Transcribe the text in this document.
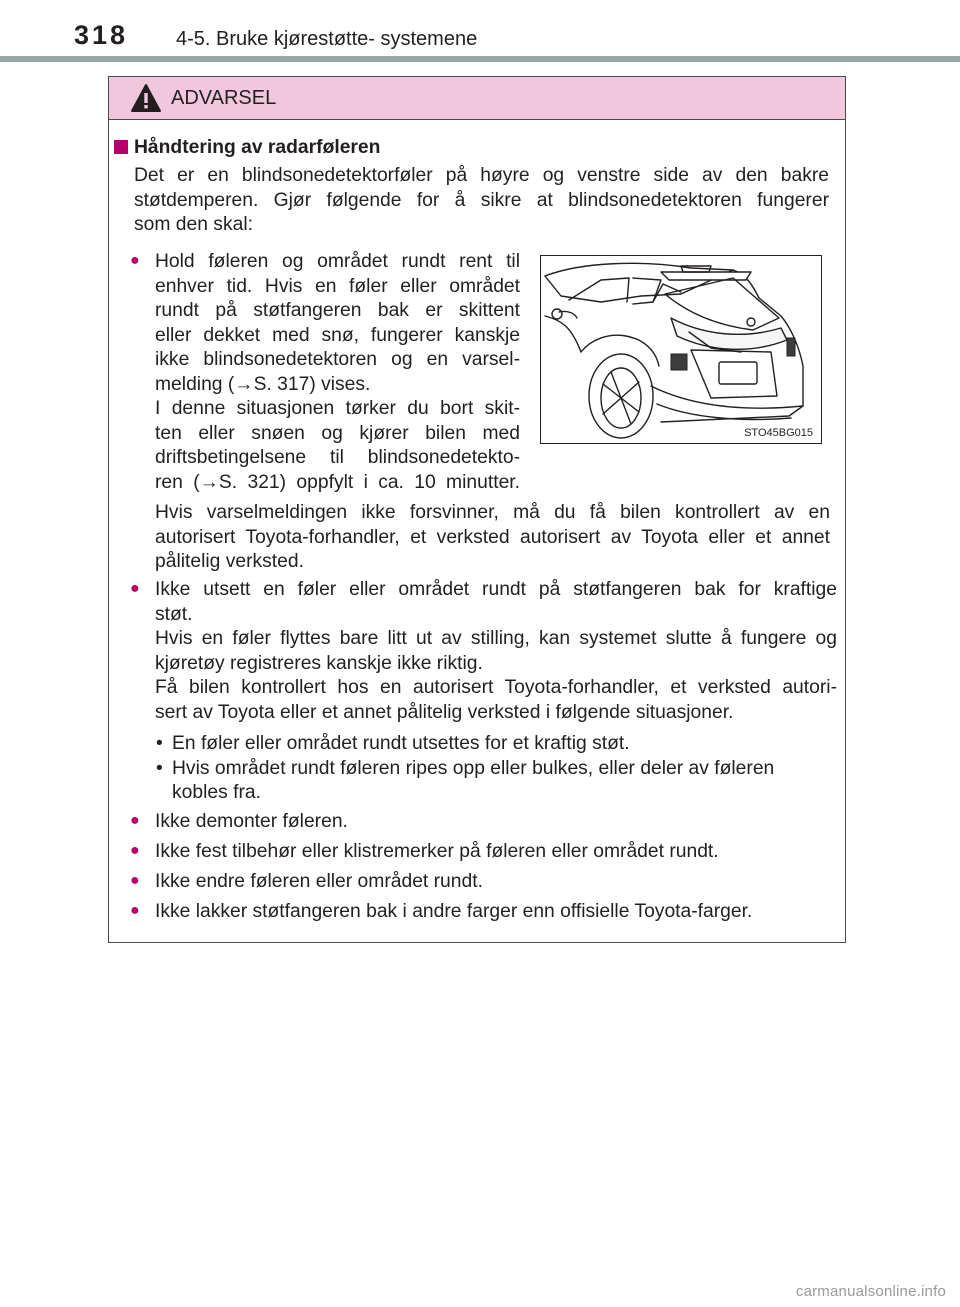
318 4-5. Bruke kjørestøtte- systemene
ADVARSEL
Håndtering av radarføleren
Det er en blindsonedetektorføler på høyre og venstre side av den bakre
støtdemperen. Gjør følgende for å sikre at blindsonedetektoren fungerer
som den skal:
● Hold føleren og området rundt rent til
enhver tid. Hvis en føler eller området
rundt på støtfangeren bak er skittent
eller dekket med snø, fungerer kanskje
ikke blindsonedetektoren og en varsel-
melding (→S. 317) vises.
I denne situasjonen tørker du bort skit-
ten eller snøen og kjører bilen med
driftsbetingelsene til blindsonedetekto-
ren (→S. 321) oppfylt i ca. 10 minutter.
STO45BG015
Hvis varselmeldingen ikke forsvinner, må du få bilen kontrollert av en
autorisert Toyota-forhandler, et verksted autorisert av Toyota eller et annet
pålitelig verksted.
● Ikke utsett en føler eller området rundt på støtfangeren bak for kraftige
støt.
Hvis en føler flyttes bare litt ut av stilling, kan systemet slutte å fungere og
kjøretøy registreres kanskje ikke riktig.
Få bilen kontrollert hos en autorisert Toyota-forhandler, et verksted autori-
sert av Toyota eller et annet pålitelig verksted i følgende situasjoner.
• En føler eller området rundt utsettes for et kraftig støt.
• Hvis området rundt føleren ripes opp eller bulkes, eller deler av føleren
kobles fra.
● Ikke demonter føleren.
● Ikke fest tilbehør eller klistremerker på føleren eller området rundt.
● Ikke endre føleren eller området rundt.
● Ikke lakker støtfangeren bak i andre farger enn offisielle Toyota-farger.
carmanualsonline.info
